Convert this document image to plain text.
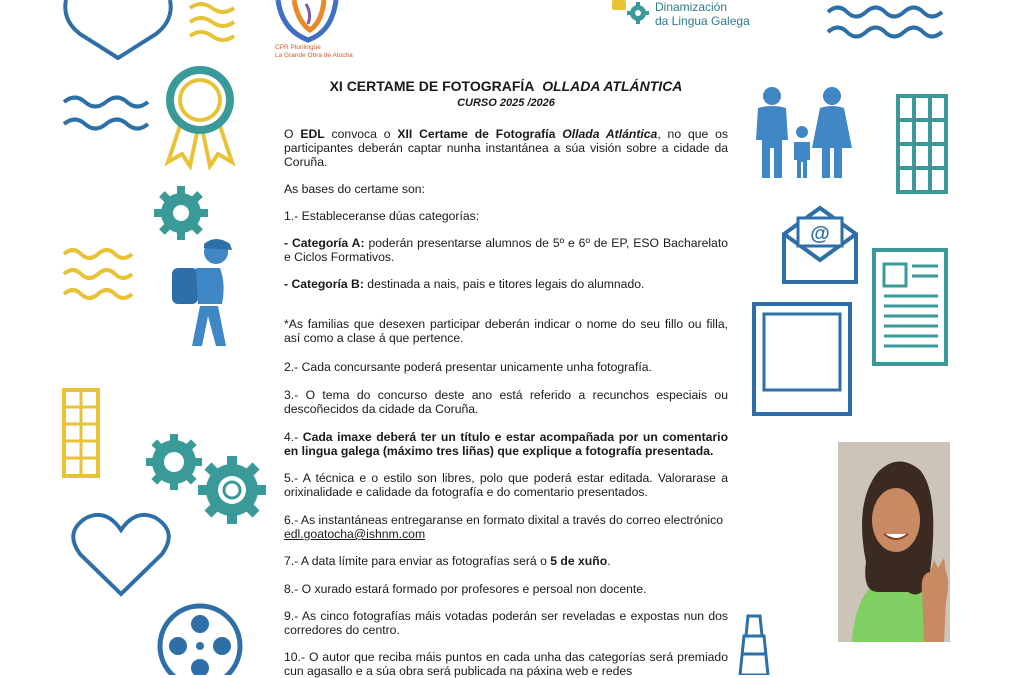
CPR Plurilingüe
La Grande Obra de Atocha
Dinamización
da Lingua Galega
@
XI CERTAME DE FOTOGRAFÍA OLLADA ATLÁNTICA
CURSO 2025 /2026

O EDL convoca o XII Certame de Fotografía Ollada Atlántica, no que os participantes deberán captar nunha instantánea a súa visión sobre a cidade da Coruña.

As bases do certame son:

1.- Estableceranse dúas categorías:

- Categoría A: poderán presentarse alumnos de 5º e 6º de EP, ESO Bacharelato e Ciclos Formativos.

- Categoría B: destinada a nais, pais e titores legais do alumnado.

*As familias que desexen participar deberán indicar o nome do seu fillo ou filla, así como a clase á que pertence.

2.- Cada concursante poderá presentar unicamente unha fotografía.

3.- O tema do concurso deste ano está referido a recunchos especiais ou descoñecidos da cidade da Coruña.

4.- Cada imaxe deberá ter un título e estar acompañada por un comentario en lingua galega (máximo tres liñas) que explique a fotografía presentada.

5.- A técnica e o estilo son libres, polo que poderá estar editada. Valorarase a orixinalidade e calidade da fotografía e do comentario presentados.

6.- As instantáneas entregaranse en formato dixital a través do correo electrónico
edl.goatocha@ishnm.com

7.- A data límite para enviar as fotografías será o 5 de xuño.

8.- O xurado estará formado por profesores e persoal non docente.

9.- As cinco fotografías máis votadas poderán ser reveladas e expostas nun dos corredores do centro.

10.- O autor que reciba máis puntos en cada unha das categorías será premiado cun agasallo e a súa obra será publicada na páxina web e redes
